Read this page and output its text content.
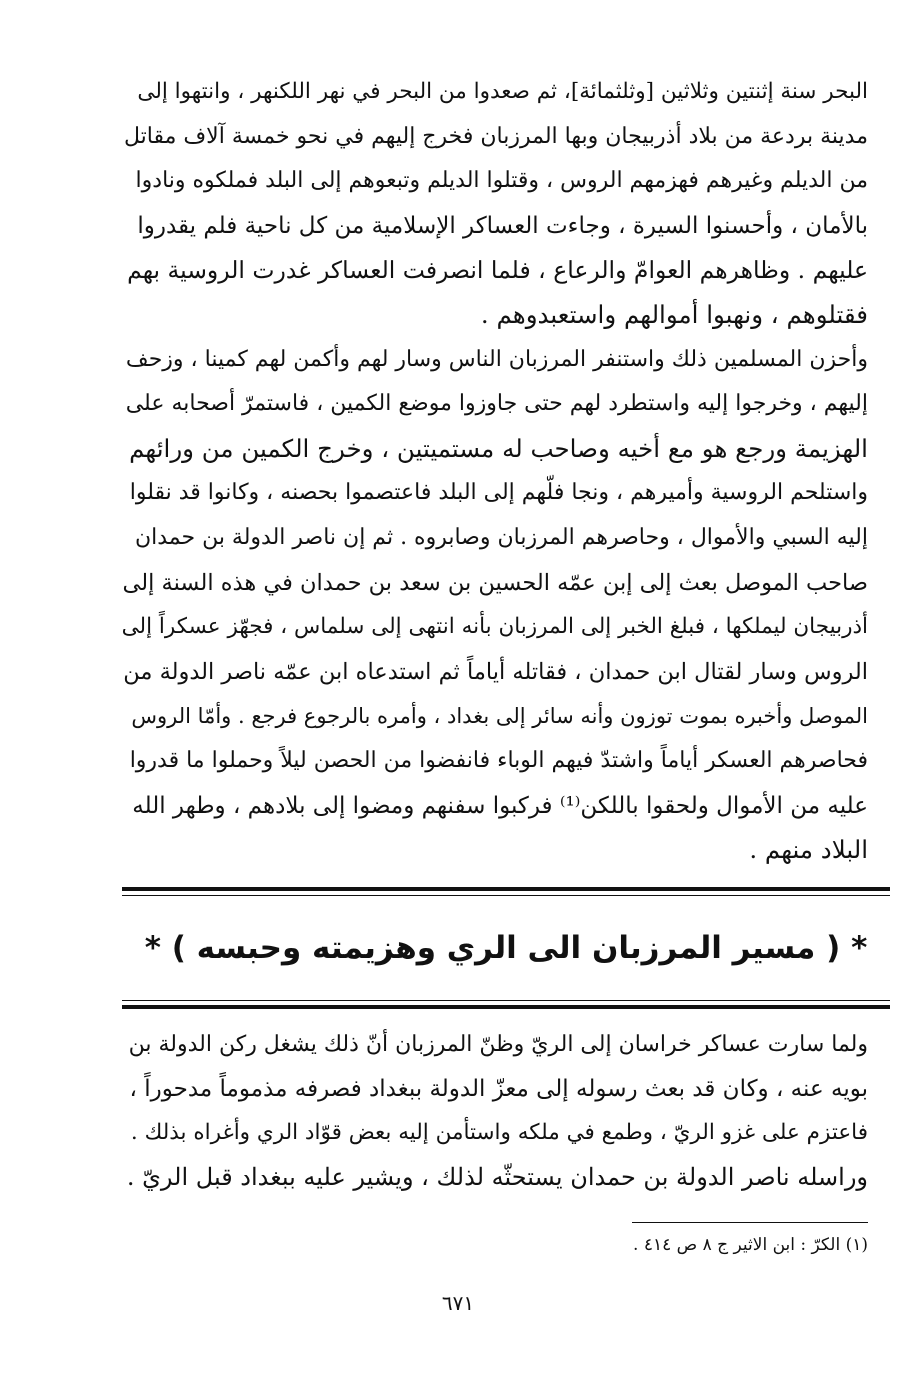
البحر سنة إثنتين وثلاثين [وثلثمائة]، ثم صعدوا من البحر في نهر اللكنهر ، وانتهوا إلى
مدينة بردعة من بلاد أذربيجان وبها المرزبان فخرج إليهم في نحو خمسة آلاف مقاتل
من الديلم وغيرهم فهزمهم الروس ، وقتلوا الديلم وتبعوهم إلى البلد فملكوه ونادوا
بالأمان ، وأحسنوا السيرة ، وجاءت العساكر الإسلامية من كل ناحية فلم يقدروا
عليهم . وظاهرهم العوامّ والرعاع ، فلما انصرفت العساكر غدرت الروسية بهم
فقتلوهم ، ونهبوا أموالهم واستعبدوهم .
وأحزن المسلمين ذلك واستنفر المرزبان الناس وسار لهم وأكمن لهم كمينا ، وزحف
إليهم ، وخرجوا إليه واستطرد لهم حتى جاوزوا موضع الكمين ، فاستمرّ أصحابه على
الهزيمة ورجع هو مع أخيه وصاحب له مستميتين ، وخرج الكمين من ورائهم
واستلحم الروسية وأميرهم ، ونجا فلّهم إلى البلد فاعتصموا بحصنه ، وكانوا قد نقلوا
إليه السبي والأموال ، وحاصرهم المرزبان وصابروه . ثم إن ناصر الدولة بن حمدان
صاحب الموصل بعث إلى إبن عمّه الحسين بن سعد بن حمدان في هذه السنة إلى
أذربيجان ليملكها ، فبلغ الخبر إلى المرزبان بأنه انتهى إلى سلماس ، فجهّز عسكراً إلى
الروس وسار لقتال ابن حمدان ، فقاتله أياماً ثم استدعاه ابن عمّه ناصر الدولة من
الموصل وأخبره بموت توزون وأنه سائر إلى بغداد ، وأمره بالرجوع فرجع . وأمّا الروس
فحاصرهم العسكر أياماً واشتدّ فيهم الوباء فانفضوا من الحصن ليلاً وحملوا ما قدروا
عليه من الأموال ولحقوا باللكن⁽¹⁾ فركبوا سفنهم ومضوا إلى بلادهم ، وطهر الله
البلاد منهم .
* ( مسير المرزبان الى الري وهزيمته وحبسه ) *
ولما سارت عساكر خراسان إلى الريّ وظنّ المرزبان أنّ ذلك يشغل ركن الدولة بن
بويه عنه ، وكان قد بعث رسوله إلى معزّ الدولة ببغداد فصرفه مذموماً مدحوراً ،
فاعتزم على غزو الريّ ، وطمع في ملكه واستأمن إليه بعض قوّاد الري وأغراه بذلك .
وراسله ناصر الدولة بن حمدان يستحثّه لذلك ، ويشير عليه ببغداد قبل الريّ .
(١) الكرّ : ابن الاثير ج ٨ ص ٤١٤ .
٦٧١
